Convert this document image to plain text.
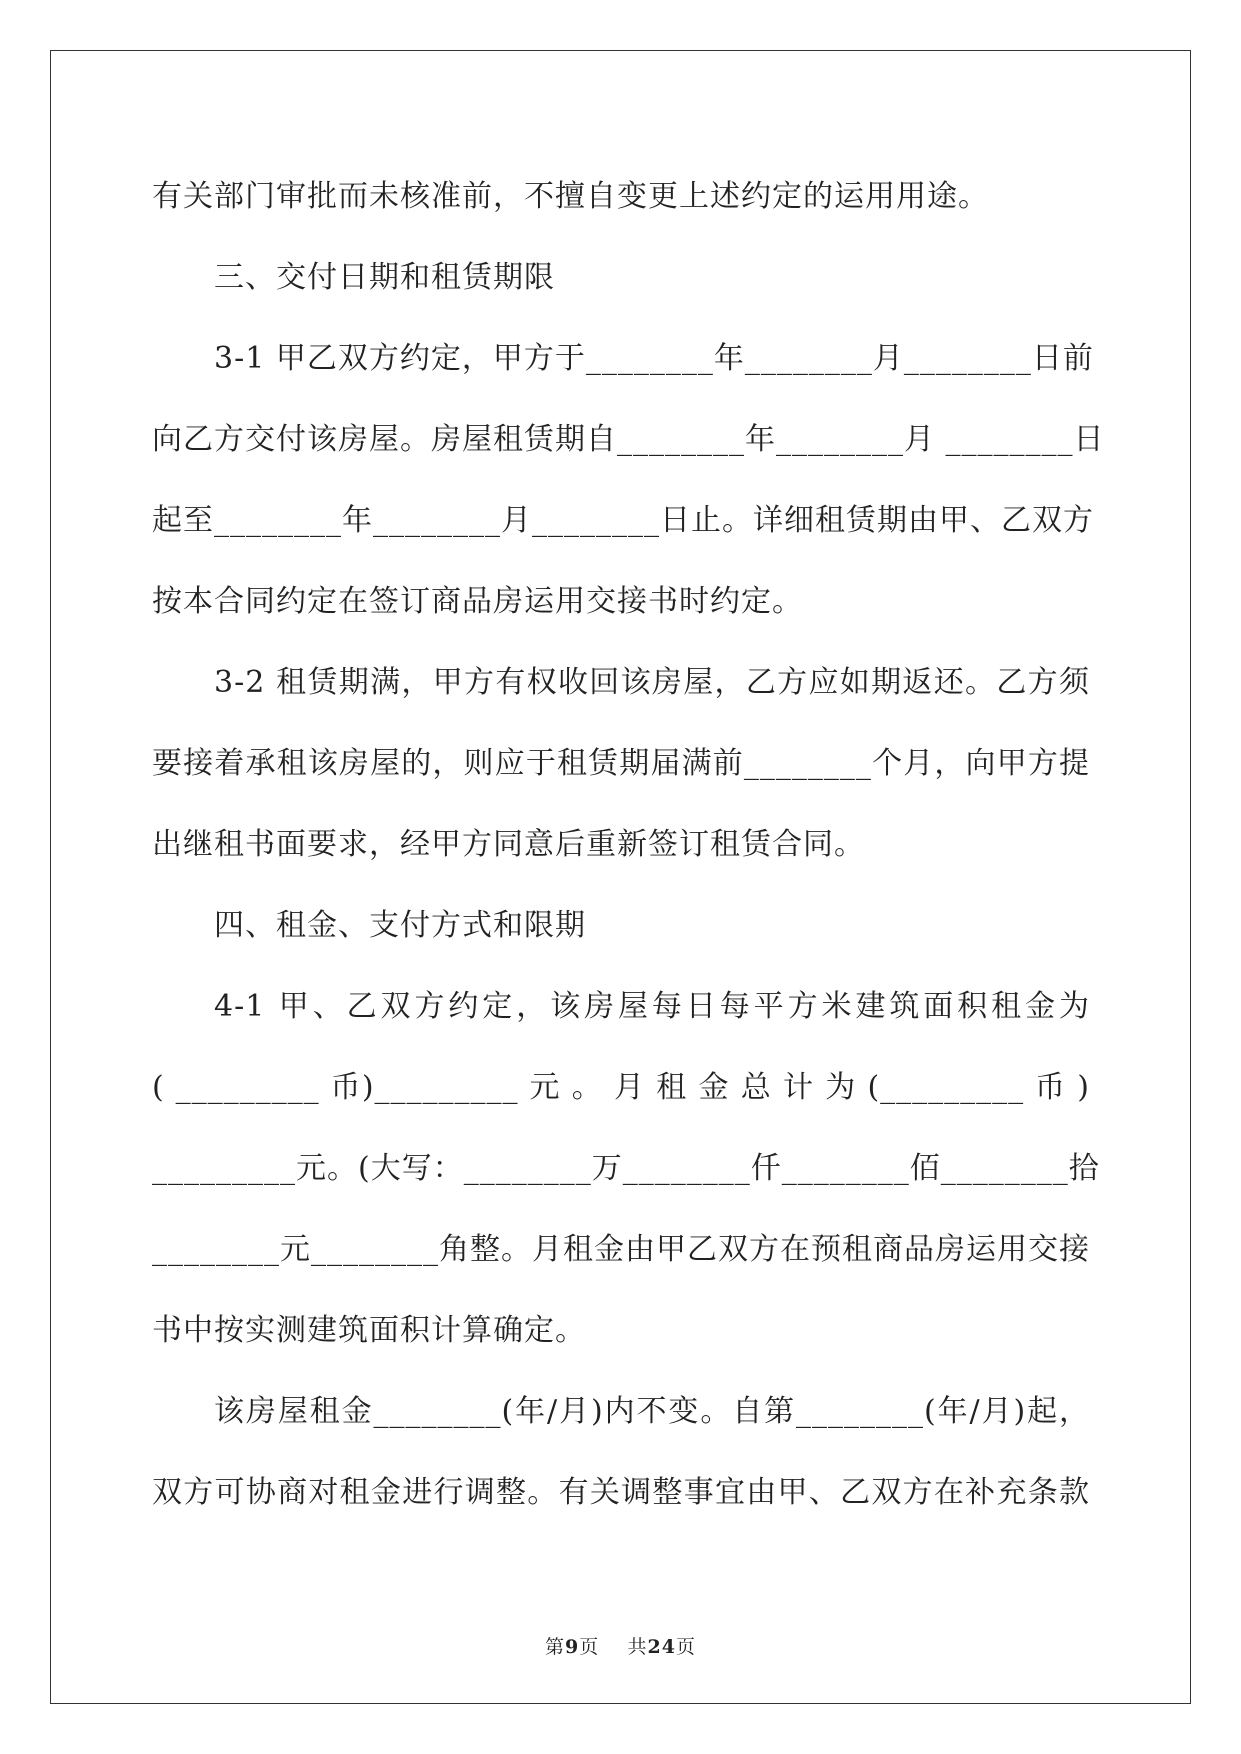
有关部门审批而未核准前，不擅自变更上述约定的运用用途。
三、交付日期和租赁期限
3-1 甲乙双方约定，甲方于________年________月________日前
向乙方交付该房屋。房屋租赁期自________年________月 ________日
起至________年________月________日止。详细租赁期由甲、乙双方
按本合同约定在签订商品房运用交接书时约定。
3-2 租赁期满，甲方有权收回该房屋，乙方应如期返还。乙方须
要接着承租该房屋的，则应于租赁期届满前________个月，向甲方提
出继租书面要求，经甲方同意后重新签订租赁合同。
四、租金、支付方式和限期
4-1 甲、乙双方约定，该房屋每日每平方米建筑面积租金为
( _________ 币)_________ 元 。 月 租 金 总 计 为 (_________ 币 )
_________元。(大写：________万________仟________佰________拾
________元________角整。月租金由甲乙双方在预租商品房运用交接
书中按实测建筑面积计算确定。
该房屋租金________(年/月)内不变。自第________(年/月)起，
双方可协商对租金进行调整。有关调整事宜由甲、乙双方在补充条款
第9页 共24页
